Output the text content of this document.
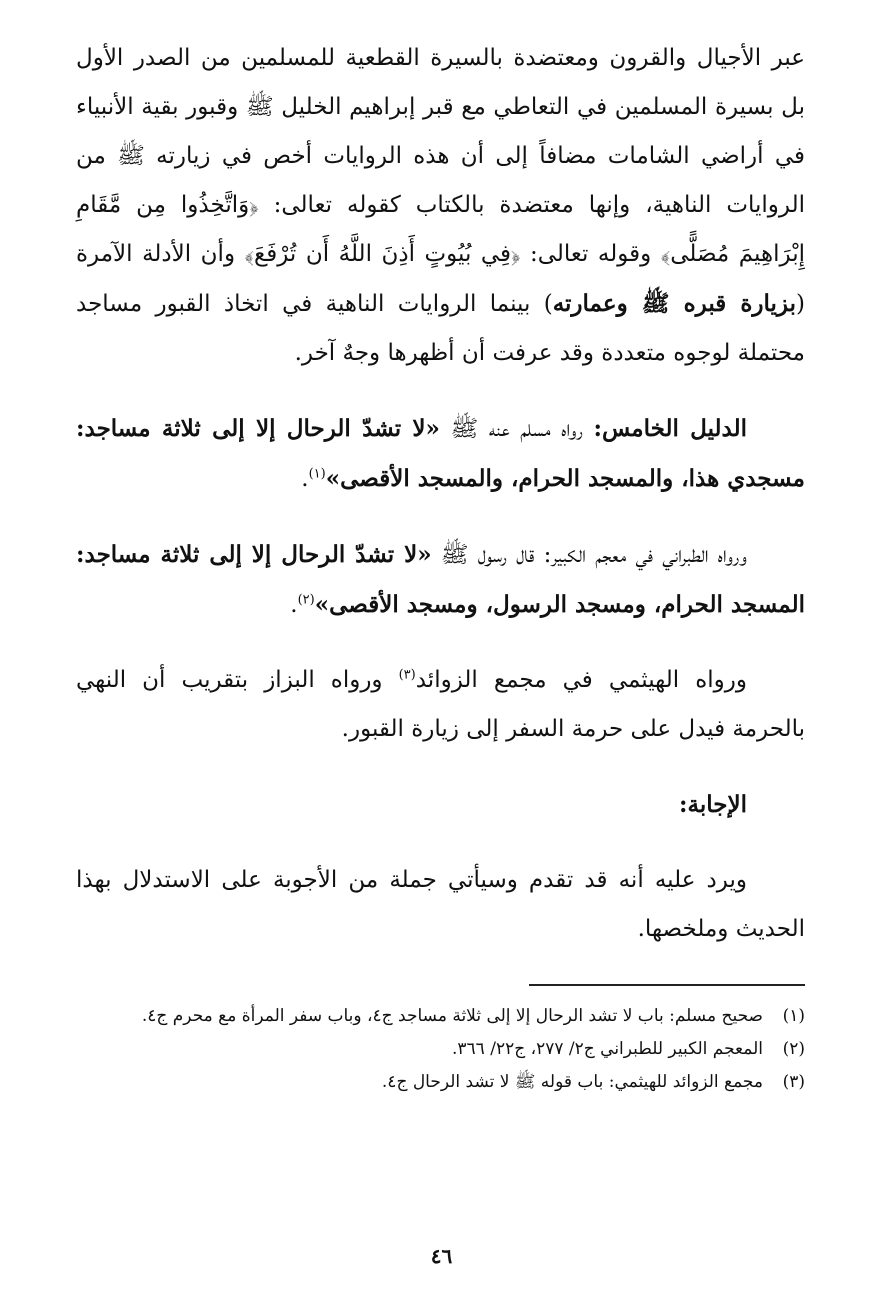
عبر الأجيال والقرون ومعتضدة بالسيرة القطعية للمسلمين من الصدر الأول بل بسيرة المسلمين في التعاطي مع قبر إبراهيم الخليل ﷺ وقبور بقية الأنبياء في أراضي الشامات مضافاً إلى أن هذه الروايات أخص في زيارته ﷺ من الروايات الناهية، وإنها معتضدة بالكتاب كقوله تعالى: ﴿وَاتَّخِذُوا مِن مَّقَامِ إِبْرَاهِيمَ مُصَلًّى﴾ وقوله تعالى: ﴿فِي بُيُوتٍ أَذِنَ اللَّهُ أَن تُرْفَعَ﴾ وأن الأدلة الآمرة (بزيارة قبره ﷺ وعمارته) بينما الروايات الناهية في اتخاذ القبور مساجد محتملة لوجوه متعددة وقد عرفت أن أظهرها وجهٌ آخر.

الدليل الخامس: رواه مسلم عنه ﷺ «لا تشدّ الرحال إلا إلى ثلاثة مساجد: مسجدي هذا، والمسجد الحرام، والمسجد الأقصى»$^{(١)}$.

ورواه الطبراني في معجم الكبير: قال رسول ﷺ «لا تشدّ الرحال إلا إلى ثلاثة مساجد: المسجد الحرام، ومسجد الرسول، ومسجد الأقصى»$^{(٢)}$.

ورواه الهيثمي في مجمع الزوائد$^{(٣)}$ ورواه البزاز بتقريب أن النهي بالحرمة فيدل على حرمة السفر إلى زيارة القبور.

الإجابة:

ويرد عليه أنه قد تقدم وسيأتي جملة من الأجوبة على الاستدلال بهذا الحديث وملخصها.

(١)
صحيح مسلم: باب لا تشد الرحال إلا إلى ثلاثة مساجد ج٤، وباب سفر المرأة مع محرم ج٤.

(٢)
المعجم الكبير للطبراني ج٢/ ٢٧٧، ج٢٢/ ٣٦٦.

(٣)
مجمع الزوائد للهيثمي: باب قوله ﷺ لا تشد الرحال ج٤.

٤٦
